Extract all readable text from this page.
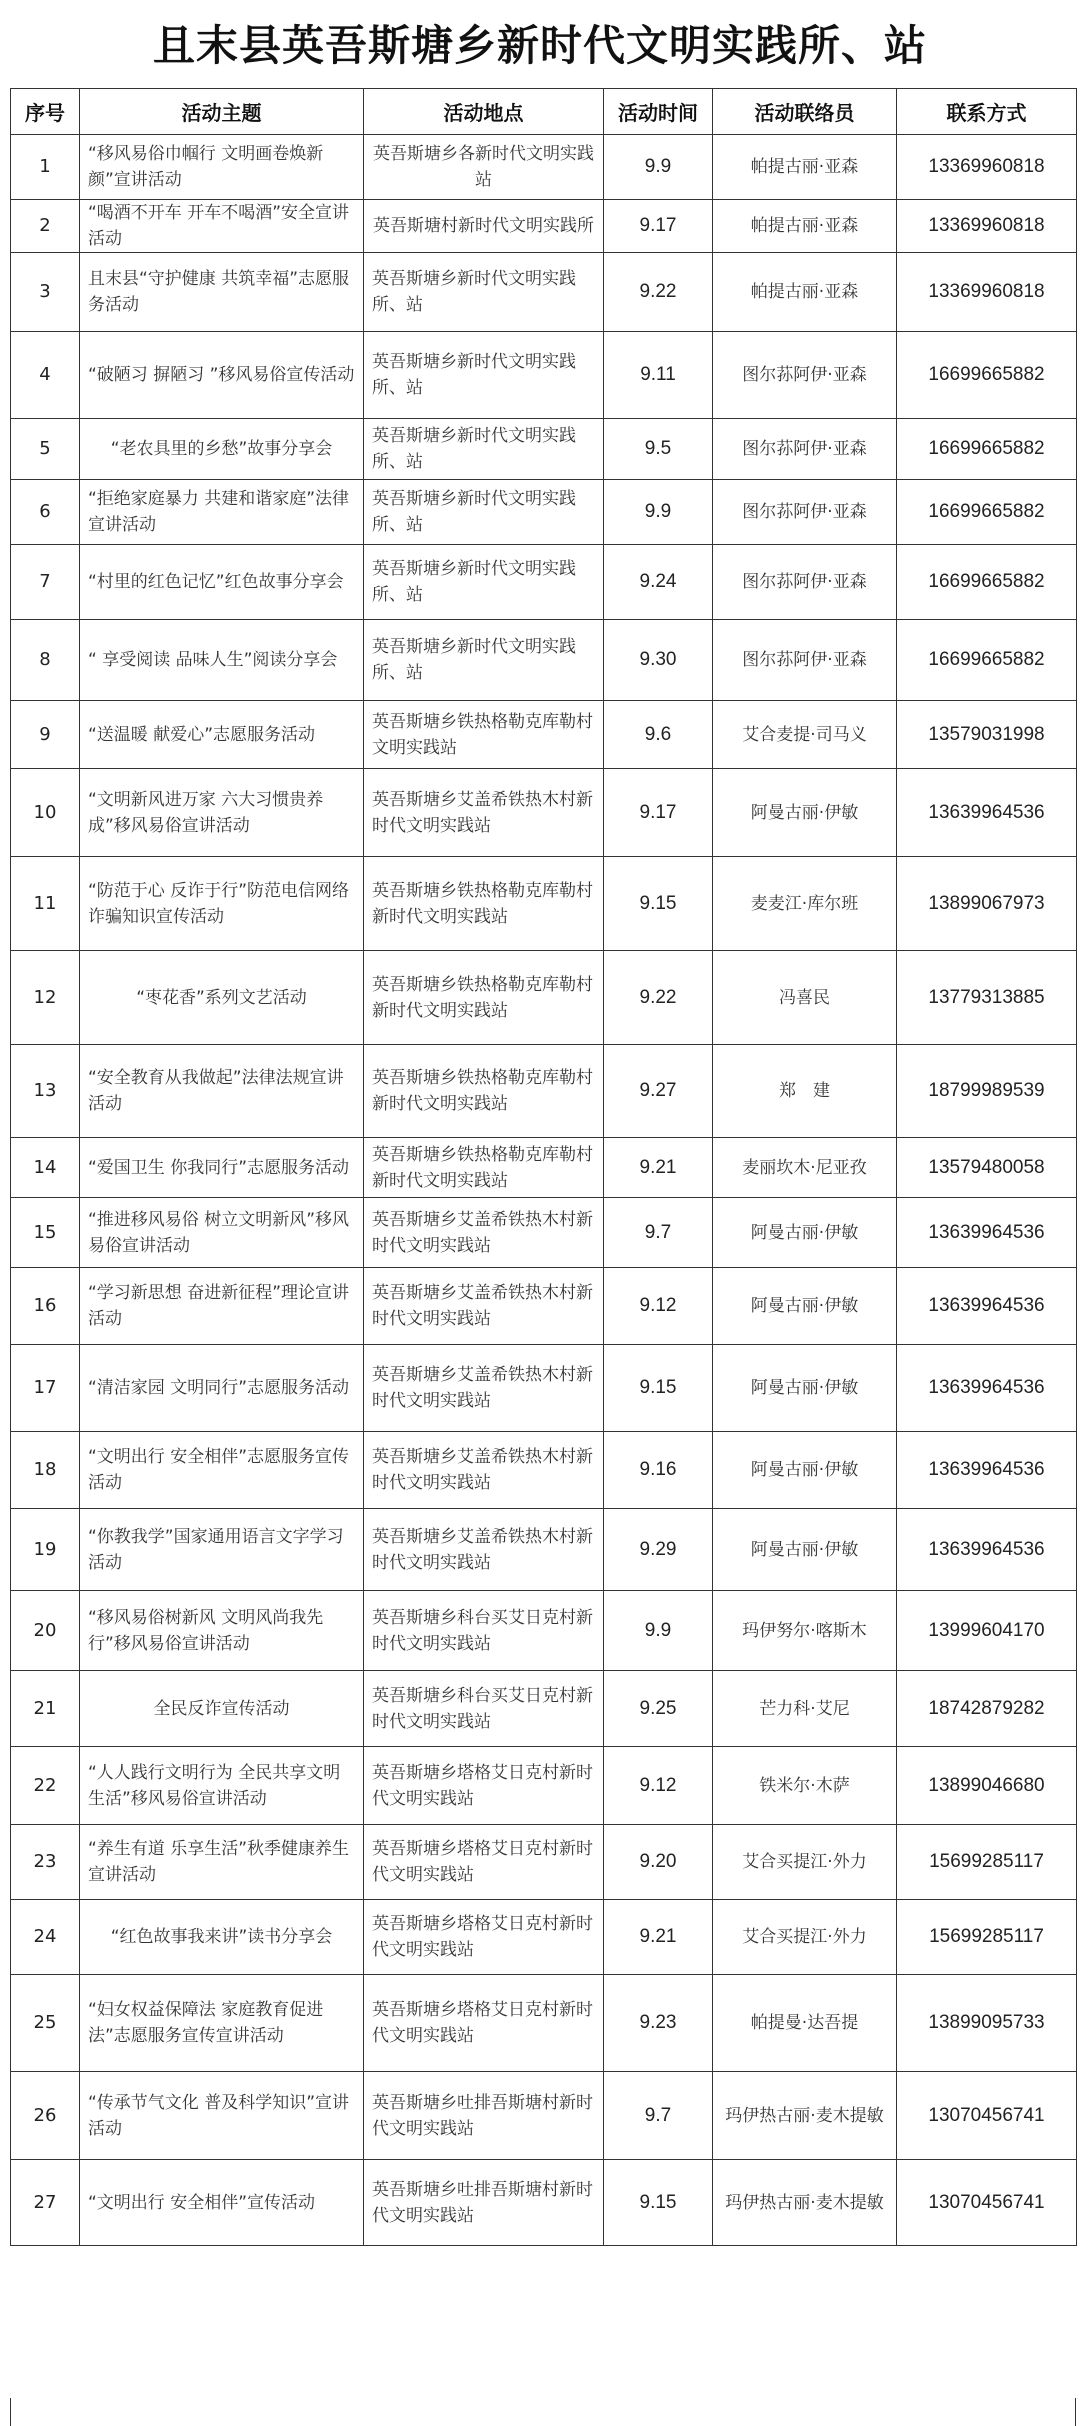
且末县英吾斯塘乡新时代文明实践所、站
序号	活动主题	活动地点	活动时间	活动联络员	联系方式
1	“移风易俗巾帼行 文明画卷焕新颜”宣讲活动	英吾斯塘乡各新时代文明实践站	9.9	帕提古丽·亚森	13369960818
2	“喝酒不开车 开车不喝酒”安全宣讲活动	英吾斯塘村新时代文明实践所	9.17	帕提古丽·亚森	13369960818
3	且末县“守护健康 共筑幸福”志愿服务活动	英吾斯塘乡新时代文明实践所、站	9.22	帕提古丽·亚森	13369960818
4	“破陋习 摒陋习 ”移风易俗宣传活动	英吾斯塘乡新时代文明实践所、站	9.11	图尔荪阿伊·亚森	16699665882
5	“老农具里的乡愁”故事分享会	英吾斯塘乡新时代文明实践所、站	9.5	图尔荪阿伊·亚森	16699665882
6	“拒绝家庭暴力 共建和谐家庭”法律宣讲活动	英吾斯塘乡新时代文明实践所、站	9.9	图尔荪阿伊·亚森	16699665882
7	“村里的红色记忆”红色故事分享会	英吾斯塘乡新时代文明实践所、站	9.24	图尔荪阿伊·亚森	16699665882
8	“ 享受阅读 品味人生”阅读分享会	英吾斯塘乡新时代文明实践所、站	9.30	图尔荪阿伊·亚森	16699665882
9	“送温暖 献爱心”志愿服务活动	英吾斯塘乡铁热格勒克库勒村文明实践站	9.6	艾合麦提·司马义	13579031998
10	“文明新风进万家 六大习惯贵养成”移风易俗宣讲活动	英吾斯塘乡艾盖希铁热木村新时代文明实践站	9.17	阿曼古丽·伊敏	13639964536
11	“防范于心 反诈于行”防范电信网络诈骗知识宣传活动	英吾斯塘乡铁热格勒克库勒村新时代文明实践站	9.15	麦麦江·库尔班	13899067973
12	“枣花香”系列文艺活动	英吾斯塘乡铁热格勒克库勒村新时代文明实践站	9.22	冯喜民	13779313885
13	“安全教育从我做起”法律法规宣讲活动	英吾斯塘乡铁热格勒克库勒村新时代文明实践站	9.27	郑　建	18799989539
14	“爱国卫生 你我同行”志愿服务活动	英吾斯塘乡铁热格勒克库勒村新时代文明实践站	9.21	麦丽坎木·尼亚孜	13579480058
15	“推进移风易俗 树立文明新风”移风易俗宣讲活动	英吾斯塘乡艾盖希铁热木村新时代文明实践站	9.7	阿曼古丽·伊敏	13639964536
16	“学习新思想 奋进新征程”理论宣讲活动	英吾斯塘乡艾盖希铁热木村新时代文明实践站	9.12	阿曼古丽·伊敏	13639964536
17	“清洁家园 文明同行”志愿服务活动	英吾斯塘乡艾盖希铁热木村新时代文明实践站	9.15	阿曼古丽·伊敏	13639964536
18	“文明出行 安全相伴”志愿服务宣传活动	英吾斯塘乡艾盖希铁热木村新时代文明实践站	9.16	阿曼古丽·伊敏	13639964536
19	“你教我学”国家通用语言文字学习活动	英吾斯塘乡艾盖希铁热木村新时代文明实践站	9.29	阿曼古丽·伊敏	13639964536
20	“移风易俗树新风 文明风尚我先行”移风易俗宣讲活动	英吾斯塘乡科台买艾日克村新时代文明实践站	9.9	玛伊努尔·喀斯木	13999604170
21	全民反诈宣传活动	英吾斯塘乡科台买艾日克村新时代文明实践站	9.25	芒力科·艾尼	18742879282
22	“人人践行文明行为 全民共享文明生活”移风易俗宣讲活动	英吾斯塘乡塔格艾日克村新时代文明实践站	9.12	铁米尔·木萨	13899046680
23	“养生有道 乐享生活”秋季健康养生宣讲活动	英吾斯塘乡塔格艾日克村新时代文明实践站	9.20	艾合买提江·外力	15699285117
24	“红色故事我来讲”读书分享会	英吾斯塘乡塔格艾日克村新时代文明实践站	9.21	艾合买提江·外力	15699285117
25	“妇女权益保障法 家庭教育促进法”志愿服务宣传宣讲活动	英吾斯塘乡塔格艾日克村新时代文明实践站	9.23	帕提曼·达吾提	13899095733
26	“传承节气文化 普及科学知识”宣讲活动	英吾斯塘乡吐排吾斯塘村新时代文明实践站	9.7	玛伊热古丽·麦木提敏	13070456741
27	“文明出行 安全相伴”宣传活动	英吾斯塘乡吐排吾斯塘村新时代文明实践站	9.15	玛伊热古丽·麦木提敏	13070456741
